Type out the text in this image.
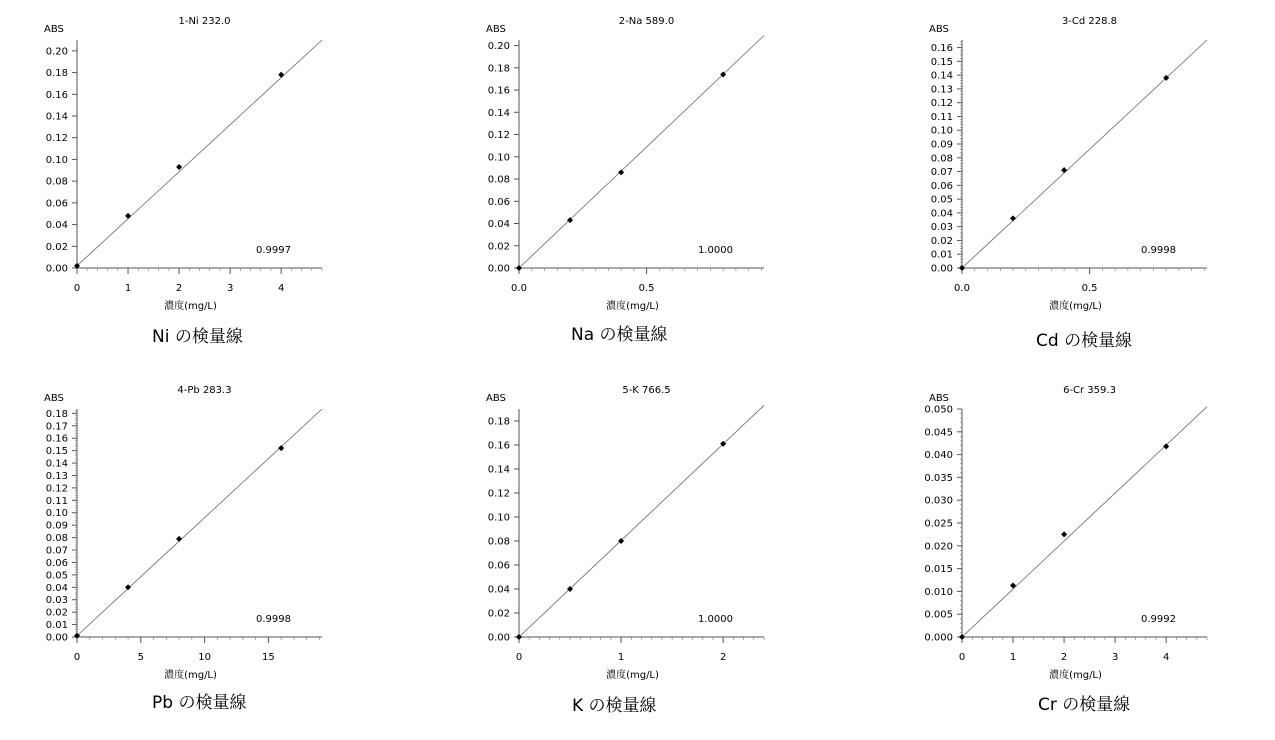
1-Ni 232.0
ABS
濃度(mg/L)
0.00
0.02
0.04
0.06
0.08
0.10
0.12
0.14
0.16
0.18
0.20
0	1	2	3	4
0.9997
Ni の検量線
2-Na 589.0
ABS
濃度(mg/L)
0.00
0.02
0.04
0.06
0.08
0.10
0.12
0.14
0.16
0.18
0.20
0.0	0.5
1.0000
Na の検量線
3-Cd 228.8
ABS
濃度(mg/L)
0.00
0.01
0.02
0.03
0.04
0.05
0.06
0.07
0.08
0.09
0.10
0.11
0.12
0.13
0.14
0.15
0.16
0.0	0.5
0.9998
Cd の検量線
4-Pb 283.3
ABS
濃度(mg/L)
0.00
0.01
0.02
0.03
0.04
0.05
0.06
0.07
0.08
0.09
0.10
0.11
0.12
0.13
0.14
0.15
0.16
0.17
0.18
0	5	10	15
0.9998
Pb の検量線
5-K 766.5
ABS
濃度(mg/L)
0.00
0.02
0.04
0.06
0.08
0.10
0.12
0.14
0.16
0.18
0	1	2
1.0000
K の検量線
6-Cr 359.3
ABS
濃度(mg/L)
0.000
0.005
0.010
0.015
0.020
0.025
0.030
0.035
0.040
0.045
0.050
0	1	2	3	4
0.9992
Cr の検量線
